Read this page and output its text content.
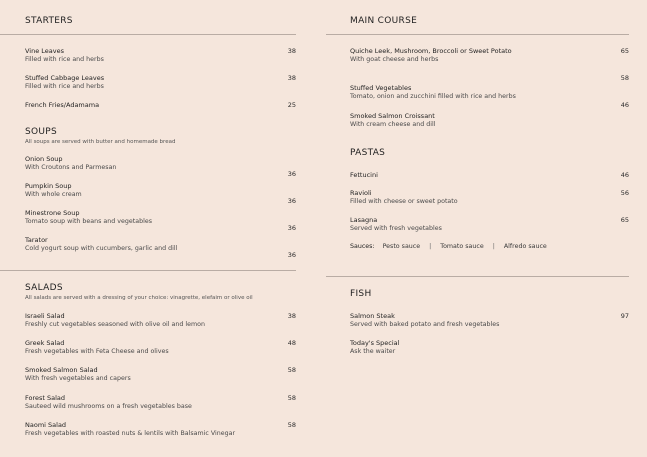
STARTERS
Vine Leaves
Filled with rice and herbs
38
Stuffed Cabbage Leaves
Filled with rice and herbs
38
French Fries/Adamama	25
SOUPS
All soups are served with butter and homemade bread
Onion Soup
With Croutons and Parmesan
36
Pumpkin Soup
With whole cream
36
Minestrone Soup
Tomato soup with beans and vegetables
36
Tarator
Cold yogurt soup with cucumbers, garlic and dill
36
SALADS
All salads are served with a dressing of your choice: vinagrette, elefaim or olive oil
Israeli Salad
Freshly cut vegetables seasoned with olive oil and lemon
38
Greek Salad
Fresh vegetables with Feta Cheese and olives
48
Smoked Salmon Salad
With fresh vegetables and capers
58
Forest Salad
Sauteed wild mushrooms on a fresh vegetables base
58
Naomi Salad
Fresh vegetables with roasted nuts & lentils with Balsamic Vinegar
58
MAIN COURSE
Quiche Leek, Mushroom, Broccoli or Sweet Potato
With goat cheese and herbs
65
Stuffed Vegetables
Tomato, onion and zucchini filled with rice and herbs
58
Smoked Salmon Croissant
With cream cheese and dill
46
PASTAS
Fettucini	46
Ravioli
Filled with cheese or sweet potato
56
Lasagna
Served with fresh vegetables
65
Sauces: Pesto sauce | Tomato sauce | Alfredo sauce
FISH
Salmon Steak
Served with baked potato and fresh vegetables
97
Today's Special
Ask the waiter
